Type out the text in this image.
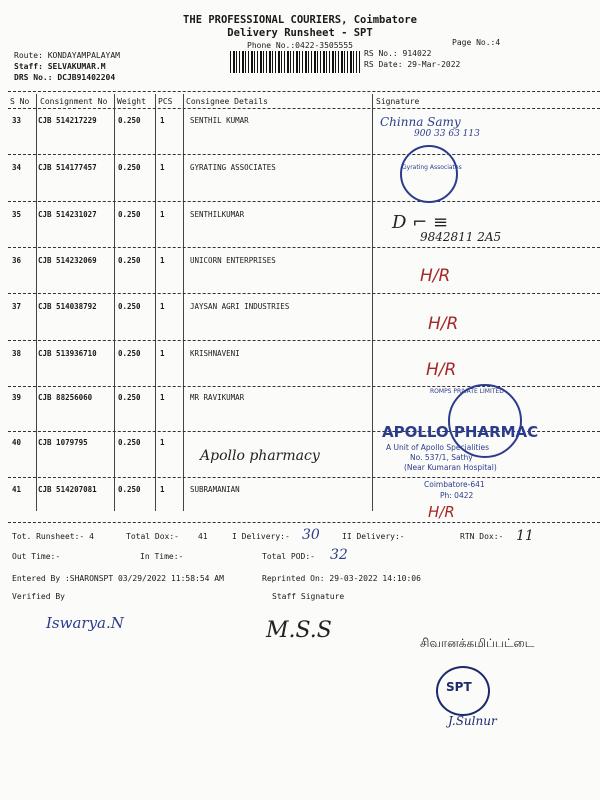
THE PROFESSIONAL COURIERS, Coimbatore
Delivery Runsheet - SPT
Phone No.:0422-3505555	Page No.:4
Route: KONDAYAMPALAYAM
Staff: SELVAKUMAR.M
DRS No.: DCJB91402204
RS No.: 914022
RS Date: 29-Mar-2022
S No Consignment No Weight PCS Consignee Details	Signature
33 CJB 514217229	0.250	1	SENTHIL KUMAR
34 CJB 514177457	0.250	1	GYRATING ASSOCIATES
35 CJB 514231027	0.250	1	SENTHILKUMAR
36 CJB 514232069	0.250	1	UNICORN ENTERPRISES
37 CJB 514038792	0.250	1	JAYSAN AGRI INDUSTRIES
38 CJB 513936710	0.250	1	KRISHNAVENI
39 CJB 88256060	0.250	1	MR RAVIKUMAR
40 CJB 1079795	0.250	1
41 CJB 514207081	0.250	1	SUBRAMANIAN
Chinna Samy
900 33 63 113
Gyrating Associates
D ⌐ ≡
9842811 2A5
H/R
H/R
H/R
ROMPS PRIVATE LIMITED
APOLLO PHARMAC
A Unit of Apollo Specialities
No. 537/1, Sathy
(Near Kumaran Hospital)
Coimbatore-641
Ph: 0422
H/R
Apollo pharmacy
Tot. Runsheet:- 4	Total Dox:- 41	I Delivery:- 30	II Delivery:-	RTN Dox:- 11
Out Time:-	In Time:-	Total POD:- 32
Entered By :SHARONSPT 03/29/2022 11:58:54 AM	Reprinted On: 29-03-2022 14:10:06
Verified By	Staff Signature
Iswarya.N	M.S.S	சிவானக்கமிப்பட்டை
SPT
J.Sulnur
